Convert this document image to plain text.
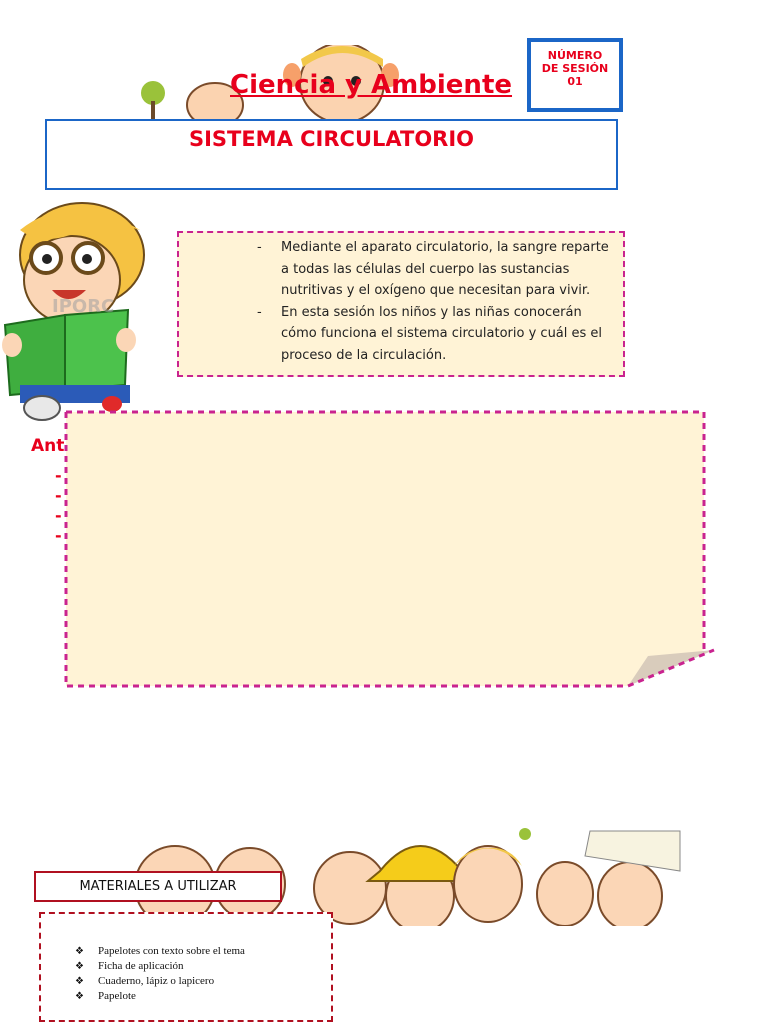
Ciencia y Ambiente
NÚMERO
DE SESIÓN
01
SISTEMA CIRCULATORIO
IPORC
- Mediante el aparato circulatorio, la sangre reparte a todas las células del cuerpo las sustancias nutritivas y el oxígeno que necesitan para vivir.
- En esta sesión los niños y las niñas conocerán cómo funciona el sistema circulatorio y cuál es el proceso de la circulación.
Ant
-
-
-
-
MATERIALES A UTILIZAR
❖ Papelotes con texto sobre el tema
❖ Ficha de aplicación
❖ Cuaderno, lápiz o lapicero
❖ Papelote
